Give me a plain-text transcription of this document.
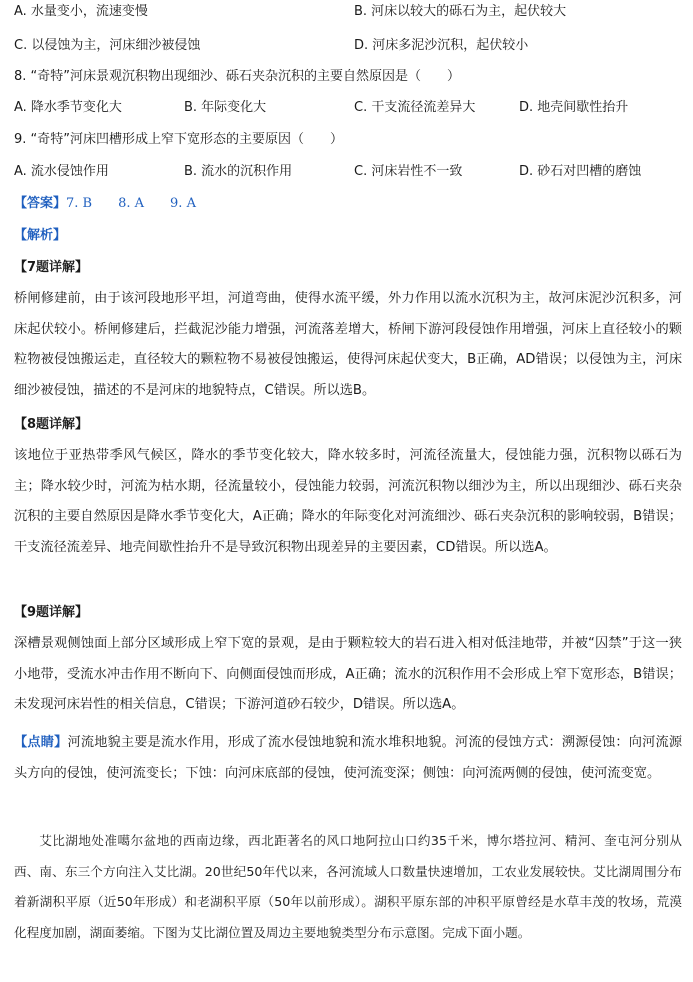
A. 水量变小，流速变慢	B. 河床以较大的砾石为主，起伏较大
C. 以侵蚀为主，河床细沙被侵蚀	D. 河床多泥沙沉积，起伏较小
8. “奇特”河床景观沉积物出现细沙、砾石夹杂沉积的主要自然原因是（　　）
A. 降水季节变化大	B. 年际变化大	C. 干支流径流差异大	D. 地壳间歇性抬升
9. “奇特”河床凹槽形成上窄下宽形态的主要原因（　　）
A. 流水侵蚀作用	B. 流水的沉积作用	C. 河床岩性不一致	D. 砂石对凹槽的磨蚀
【答案】7. B　　8. A　　9. A
【解析】
【7题详解】
桥闸修建前，由于该河段地形平坦，河道弯曲，使得水流平缓，外力作用以流水沉积为主，故河床泥沙沉积多，河床起伏较小。桥闸修建后，拦截泥沙能力增强，河流落差增大，桥闸下游河段侵蚀作用增强，河床上直径较小的颗粒物被侵蚀搬运走，直径较大的颗粒物不易被侵蚀搬运，使得河床起伏变大，B正确，AD错误；以侵蚀为主，河床细沙被侵蚀，描述的不是河床的地貌特点，C错误。所以选B。
【8题详解】
该地位于亚热带季风气候区，降水的季节变化较大，降水较多时，河流径流量大，侵蚀能力强，沉积物以砾石为主；降水较少时，河流为枯水期，径流量较小，侵蚀能力较弱，河流沉积物以细沙为主，所以出现细沙、砾石夹杂沉积的主要自然原因是降水季节变化大，A正确；降水的年际变化对河流细沙、砾石夹杂沉积的影响较弱，B错误；干支流径流差异、地壳间歇性抬升不是导致沉积物出现差异的主要因素，CD错误。所以选A。
【9题详解】
深槽景观侧蚀面上部分区域形成上窄下宽的景观，是由于颗粒较大的岩石进入相对低洼地带，并被“囚禁”于这一狭小地带，受流水冲击作用不断向下、向侧面侵蚀而形成，A正确；流水的沉积作用不会形成上窄下宽形态，B错误；未发现河床岩性的相关信息，C错误；下游河道砂石较少，D错误。所以选A。
【点睛】河流地貌主要是流水作用，形成了流水侵蚀地貌和流水堆积地貌。河流的侵蚀方式：溯源侵蚀：向河流源头方向的侵蚀，使河流变长；下蚀：向河床底部的侵蚀，使河流变深；侧蚀：向河流两侧的侵蚀，使河流变宽。
艾比湖地处准噶尔盆地的西南边缘，西北距著名的风口地阿拉山口约35千米，博尔塔拉河、精河、奎屯河分别从西、南、东三个方向注入艾比湖。20世纪50年代以来，各河流域人口数量快速增加，工农业发展较快。艾比湖周围分布着新湖积平原（近50年形成）和老湖积平原（50年以前形成）。湖积平原东部的冲积平原曾经是水草丰茂的牧场，荒漠化程度加剧，湖面萎缩。下图为艾比湖位置及周边主要地貌类型分布示意图。完成下面小题。
